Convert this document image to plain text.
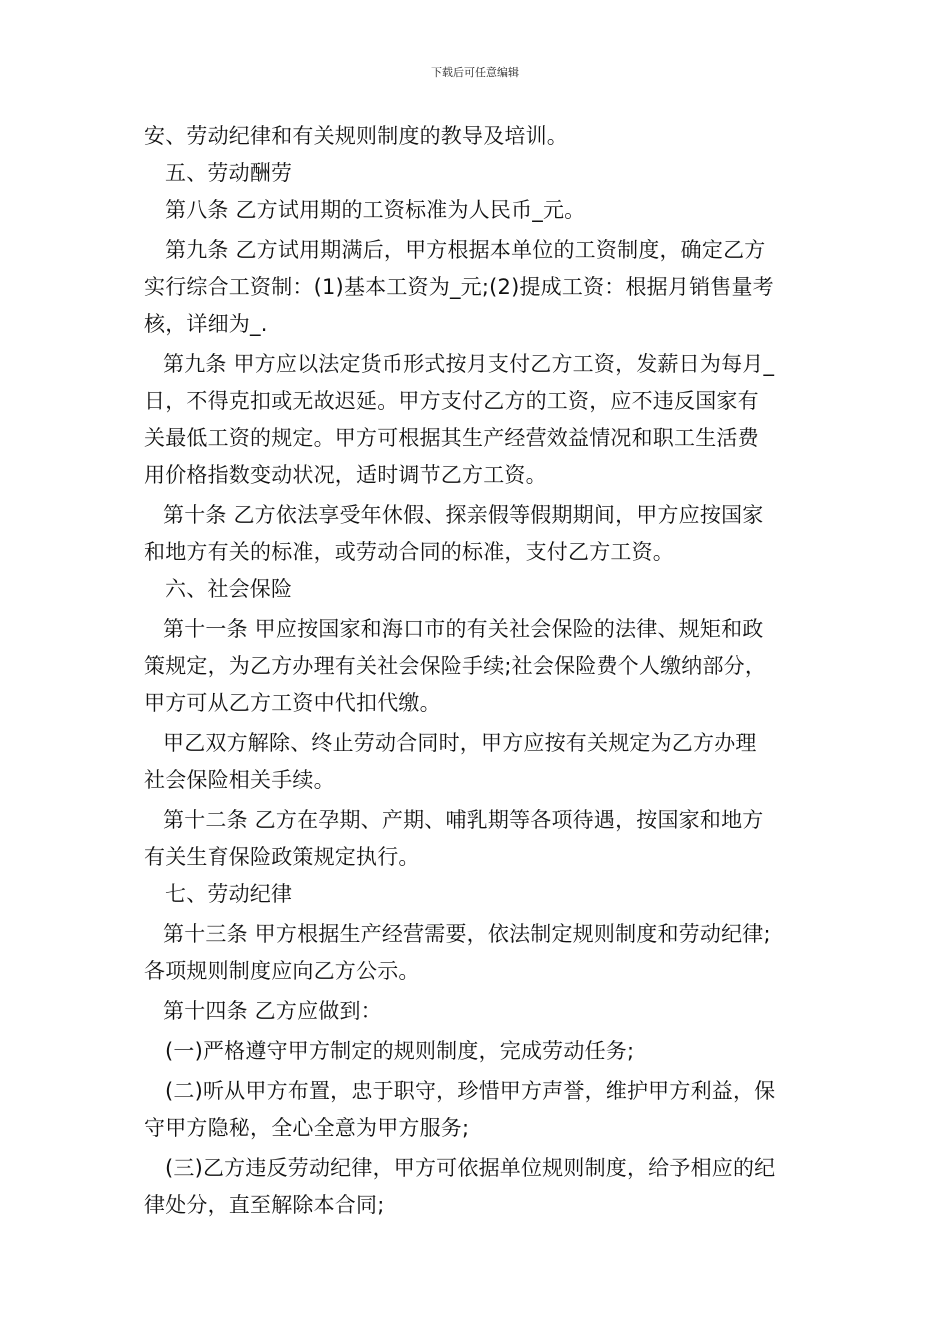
下载后可任意编辑
安、劳动纪律和有关规则制度的教导及培训。
五、劳动酬劳
第八条 乙方试用期的工资标准为人民币_元。
第九条 乙方试用期满后，甲方根据本单位的工资制度，确定乙方
实行综合工资制：(1)基本工资为_元;(2)提成工资：根据月销售量考
核，详细为_.
第九条 甲方应以法定货币形式按月支付乙方工资，发薪日为每月_
日，不得克扣或无故迟延。甲方支付乙方的工资，应不违反国家有
关最低工资的规定。甲方可根据其生产经营效益情况和职工生活费
用价格指数变动状况，适时调节乙方工资。
第十条 乙方依法享受年休假、探亲假等假期期间，甲方应按国家
和地方有关的标准，或劳动合同的标准，支付乙方工资。
六、社会保险
第十一条 甲应按国家和海口市的有关社会保险的法律、规矩和政
策规定，为乙方办理有关社会保险手续;社会保险费个人缴纳部分，
甲方可从乙方工资中代扣代缴。
甲乙双方解除、终止劳动合同时，甲方应按有关规定为乙方办理
社会保险相关手续。
第十二条 乙方在孕期、产期、哺乳期等各项待遇，按国家和地方
有关生育保险政策规定执行。
七、劳动纪律
第十三条 甲方根据生产经营需要，依法制定规则制度和劳动纪律;
各项规则制度应向乙方公示。
第十四条 乙方应做到：
(一)严格遵守甲方制定的规则制度，完成劳动任务;
(二)听从甲方布置，忠于职守，珍惜甲方声誉，维护甲方利益，保
守甲方隐秘，全心全意为甲方服务;
(三)乙方违反劳动纪律，甲方可依据单位规则制度，给予相应的纪
律处分，直至解除本合同;
